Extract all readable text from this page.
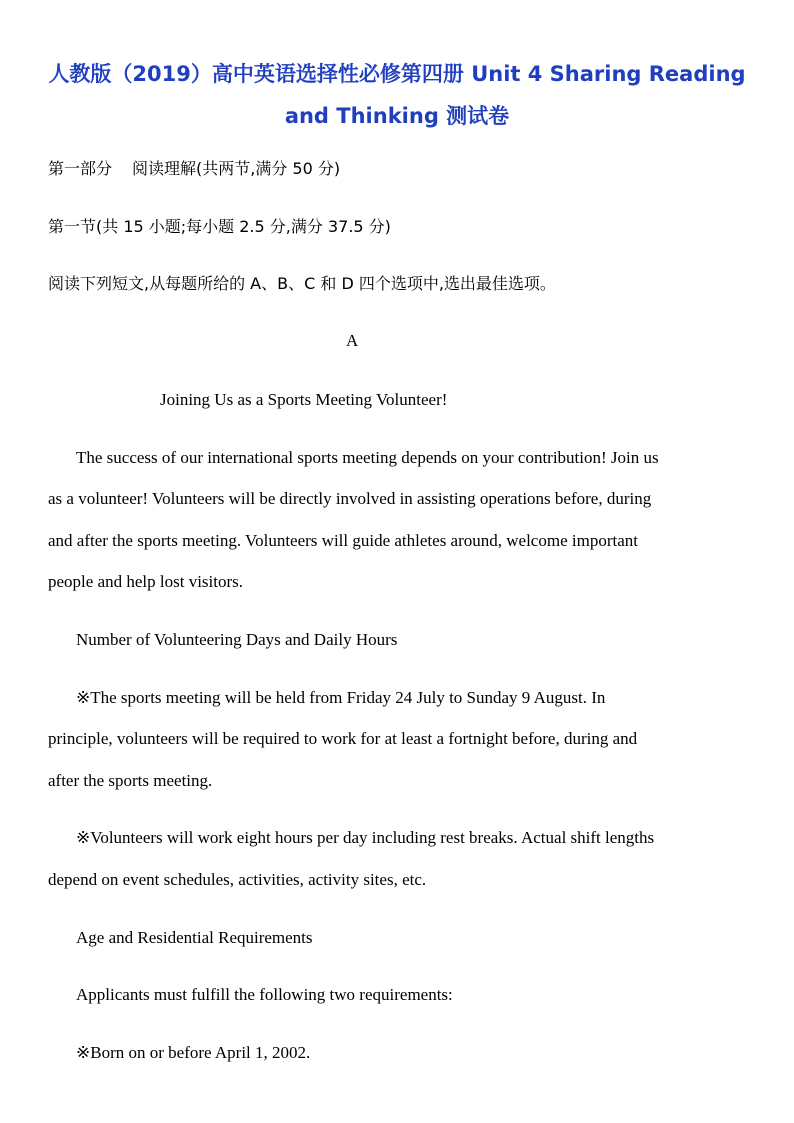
人教版（2019）高中英语选择性必修第四册 Unit 4 Sharing Reading
and Thinking 测试卷
第一部分 阅读理解(共两节,满分 50 分)
第一节(共 15 小题;每小题 2.5 分,满分 37.5 分)
阅读下列短文,从每题所给的 A、B、C 和 D 四个选项中,选出最佳选项。
A
Joining Us as a Sports Meeting Volunteer!
The success of our international sports meeting depends on your contribution! Join us
as a volunteer! Volunteers will be directly involved in assisting operations before, during
and after the sports meeting. Volunteers will guide athletes around, welcome important
people and help lost visitors.
Number of Volunteering Days and Daily Hours
※The sports meeting will be held from Friday 24 July to Sunday 9 August. In
principle, volunteers will be required to work for at least a fortnight before, during and
after the sports meeting.
※Volunteers will work eight hours per day including rest breaks. Actual shift lengths
depend on event schedules, activities, activity sites, etc.
Age and Residential Requirements
Applicants must fulfill the following two requirements:
※Born on or before April 1, 2002.
